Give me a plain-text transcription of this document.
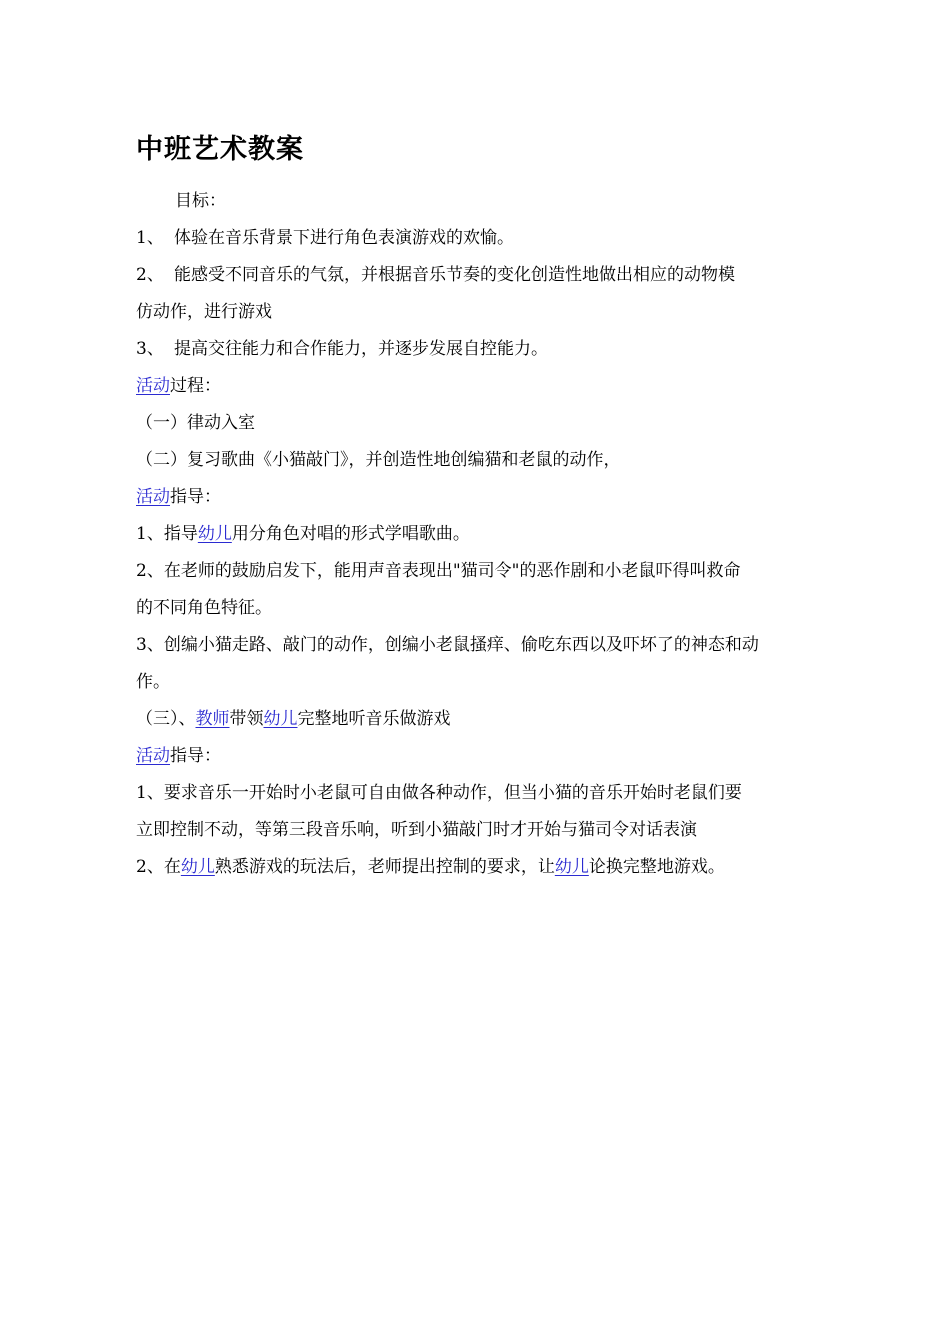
中班艺术教案
目标：
1、 体验在音乐背景下进行角色表演游戏的欢愉。
2、 能感受不同音乐的气氛，并根据音乐节奏的变化创造性地做出相应的动物模
仿动作，进行游戏
3、 提高交往能力和合作能力，并逐步发展自控能力。
活动过程：
（一）律动入室
（二）复习歌曲《小猫敲门》，并创造性地创编猫和老鼠的动作，
活动指导：
1、指导幼儿用分角色对唱的形式学唱歌曲。
2、在老师的鼓励启发下，能用声音表现出"猫司令"的恶作剧和小老鼠吓得叫救命
的不同角色特征。
3、创编小猫走路、敲门的动作，创编小老鼠搔痒、偷吃东西以及吓坏了的神态和动
作。
（三）、教师带领幼儿完整地听音乐做游戏
活动指导：
1、要求音乐一开始时小老鼠可自由做各种动作，但当小猫的音乐开始时老鼠们要
立即控制不动，等第三段音乐响，听到小猫敲门时才开始与猫司令对话表演
2、在幼儿熟悉游戏的玩法后，老师提出控制的要求，让幼儿论换完整地游戏。
